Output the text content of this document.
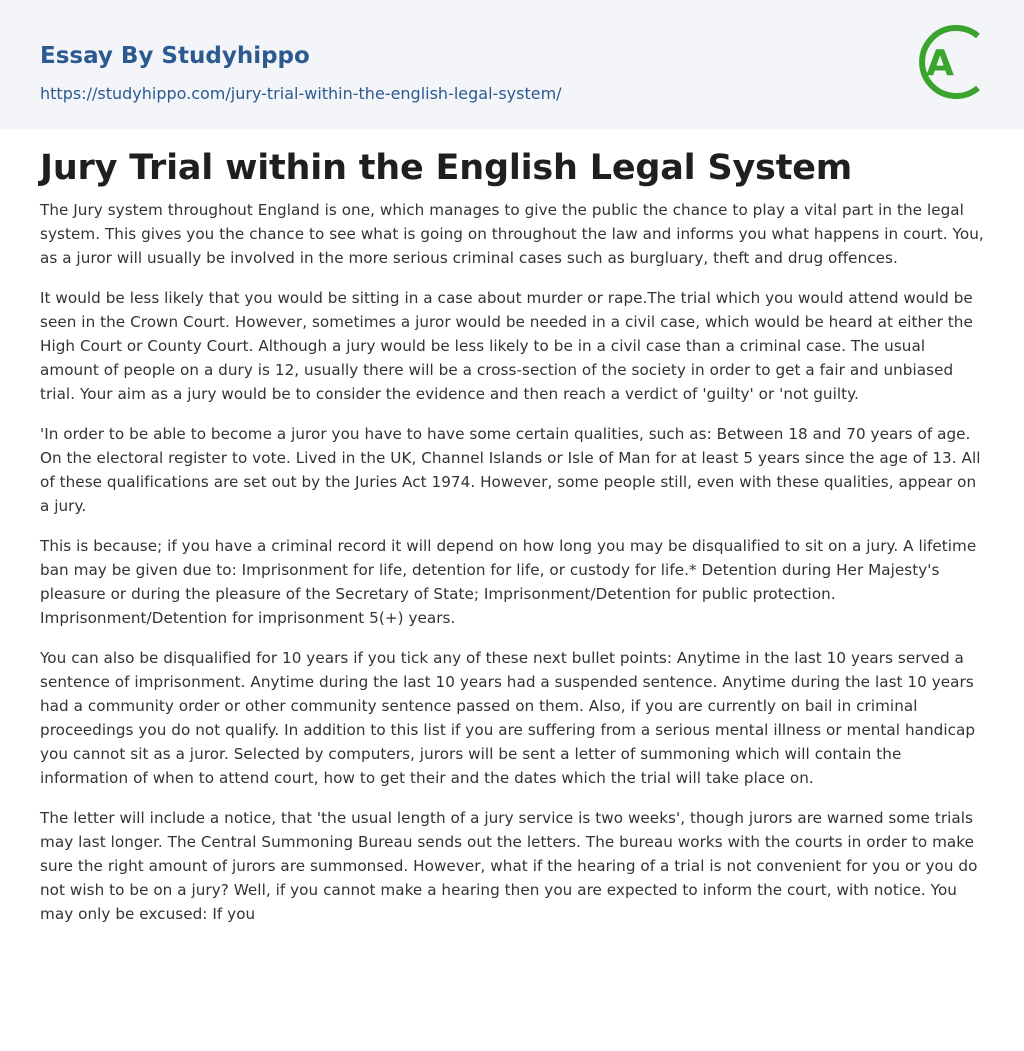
Essay By Studyhippo
https://studyhippo.com/jury-trial-within-the-english-legal-system/
A
Jury Trial within the English Legal System

The Jury system throughout England is one, which manages to give the public the chance to play a vital part in the legal system. This gives you the chance to see what is going on throughout the law and informs you what happens in court. You, as a juror will usually be involved in the more serious criminal cases such as burgluary, theft and drug offences.

It would be less likely that you would be sitting in a case about murder or rape.The trial which you would attend would be seen in the Crown Court. However, sometimes a juror would be needed in a civil case, which would be heard at either the High Court or County Court. Although a jury would be less likely to be in a civil case than a criminal case. The usual amount of people on a dury is 12, usually there will be a cross-section of the society in order to get a fair and unbiased trial. Your aim as a jury would be to consider the evidence and then reach a verdict of 'guilty' or 'not guilty.

'In order to be able to become a juror you have to have some certain qualities, such as: Between 18 and 70 years of age. On the electoral register to vote. Lived in the UK, Channel Islands or Isle of Man for at least 5 years since the age of 13. All of these qualifications are set out by the Juries Act 1974. However, some people still, even with these qualities, appear on a jury.

This is because; if you have a criminal record it will depend on how long you may be disqualified to sit on a jury. A lifetime ban may be given due to: Imprisonment for life, detention for life, or custody for life.* Detention during Her Majesty's pleasure or during the pleasure of the Secretary of State; Imprisonment/Detention for public protection. Imprisonment/Detention for imprisonment 5(+) years.

You can also be disqualified for 10 years if you tick any of these next bullet points: Anytime in the last 10 years served a sentence of imprisonment. Anytime during the last 10 years had a suspended sentence. Anytime during the last 10 years had a community order or other community sentence passed on them. Also, if you are currently on bail in criminal proceedings you do not qualify. In addition to this list if you are suffering from a serious mental illness or mental handicap you cannot sit as a juror. Selected by computers, jurors will be sent a letter of summoning which will contain the information of when to attend court, how to get their and the dates which the trial will take place on.

The letter will include a notice, that 'the usual length of a jury service is two weeks', though jurors are warned some trials may last longer. The Central Summoning Bureau sends out the letters. The bureau works with the courts in order to make sure the right amount of jurors are summonsed. However, what if the hearing of a trial is not convenient for you or you do not wish to be on a jury? Well, if you cannot make a hearing then you are expected to inform the court, with notice. You may only be excused: If you
